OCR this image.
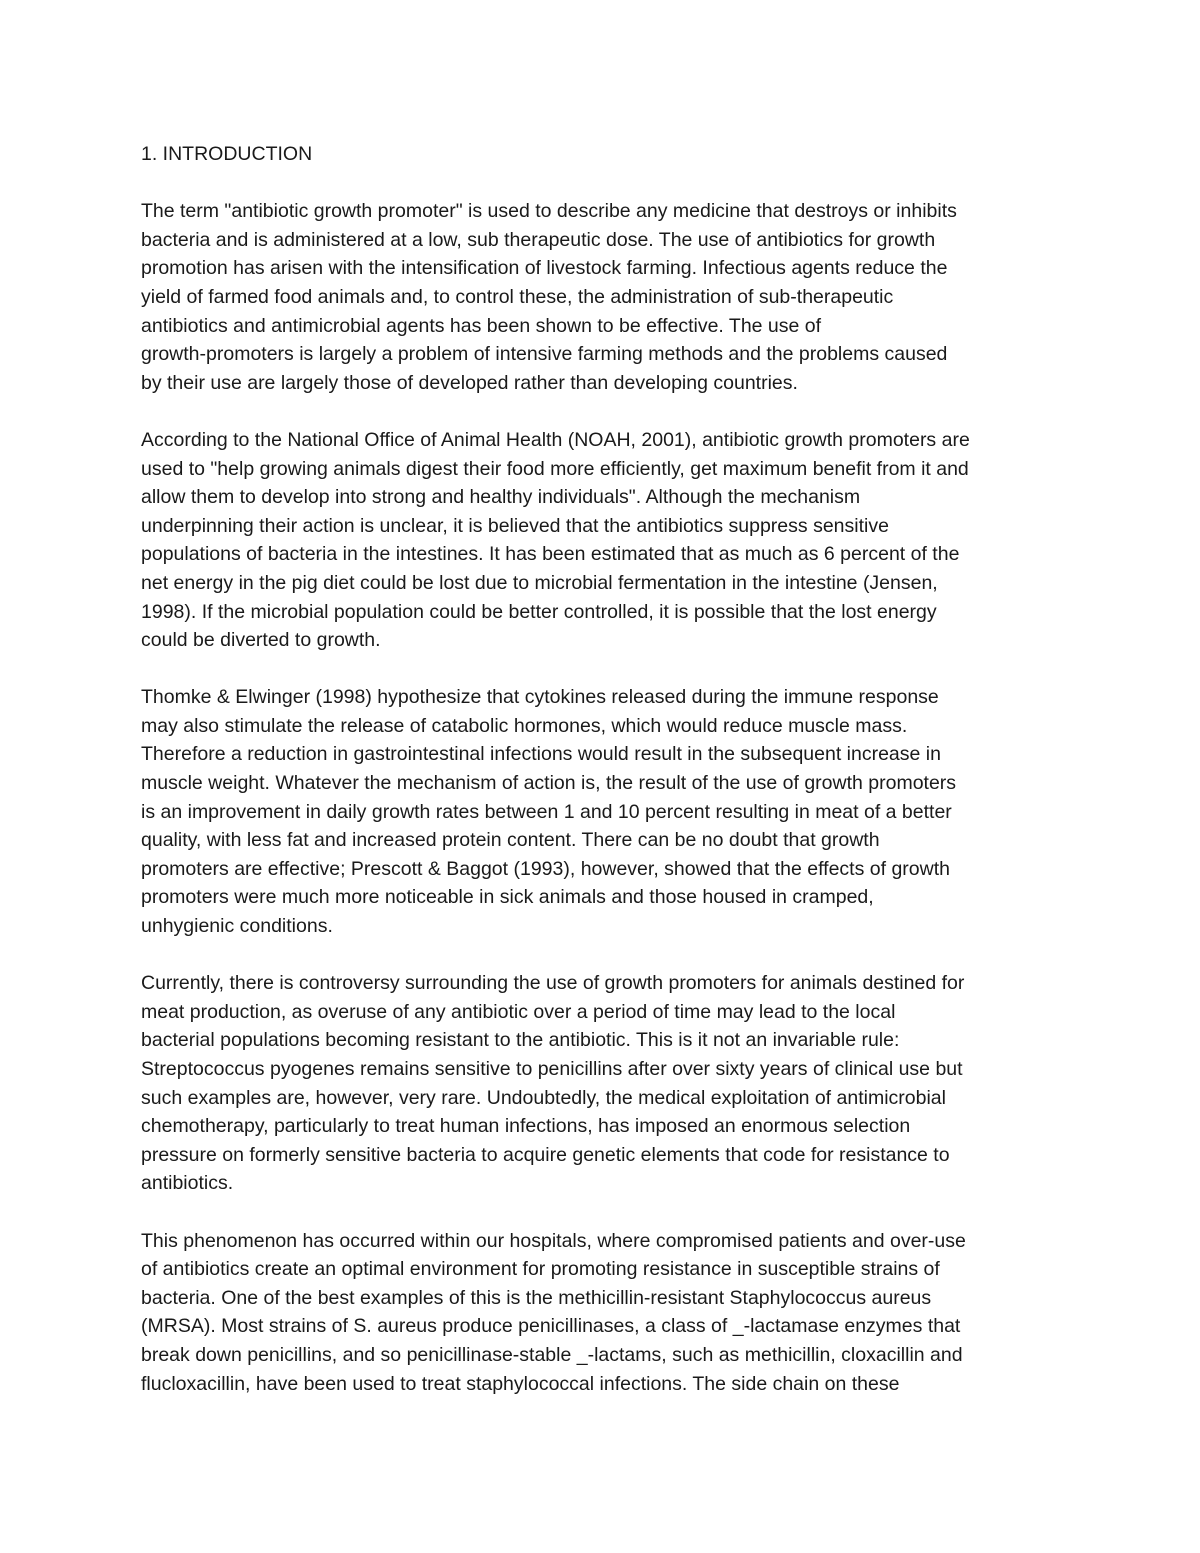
1. INTRODUCTION

The term "antibiotic growth promoter" is used to describe any medicine that destroys or inhibits
bacteria and is administered at a low, sub therapeutic dose. The use of antibiotics for growth
promotion has arisen with the intensification of livestock farming. Infectious agents reduce the
yield of farmed food animals and, to control these, the administration of sub-therapeutic
antibiotics and antimicrobial agents has been shown to be effective. The use of
growth-promoters is largely a problem of intensive farming methods and the problems caused
by their use are largely those of developed rather than developing countries.

According to the National Office of Animal Health (NOAH, 2001), antibiotic growth promoters are
used to "help growing animals digest their food more efficiently, get maximum benefit from it and
allow them to develop into strong and healthy individuals". Although the mechanism
underpinning their action is unclear, it is believed that the antibiotics suppress sensitive
populations of bacteria in the intestines. It has been estimated that as much as 6 percent of the
net energy in the pig diet could be lost due to microbial fermentation in the intestine (Jensen,
1998). If the microbial population could be better controlled, it is possible that the lost energy
could be diverted to growth.

Thomke & Elwinger (1998) hypothesize that cytokines released during the immune response
may also stimulate the release of catabolic hormones, which would reduce muscle mass.
Therefore a reduction in gastrointestinal infections would result in the subsequent increase in
muscle weight. Whatever the mechanism of action is, the result of the use of growth promoters
is an improvement in daily growth rates between 1 and 10 percent resulting in meat of a better
quality, with less fat and increased protein content. There can be no doubt that growth
promoters are effective; Prescott & Baggot (1993), however, showed that the effects of growth
promoters were much more noticeable in sick animals and those housed in cramped,
unhygienic conditions.

Currently, there is controversy surrounding the use of growth promoters for animals destined for
meat production, as overuse of any antibiotic over a period of time may lead to the local
bacterial populations becoming resistant to the antibiotic. This is it not an invariable rule:
Streptococcus pyogenes remains sensitive to penicillins after over sixty years of clinical use but
such examples are, however, very rare. Undoubtedly, the medical exploitation of antimicrobial
chemotherapy, particularly to treat human infections, has imposed an enormous selection
pressure on formerly sensitive bacteria to acquire genetic elements that code for resistance to
antibiotics.

This phenomenon has occurred within our hospitals, where compromised patients and over-use
of antibiotics create an optimal environment for promoting resistance in susceptible strains of
bacteria. One of the best examples of this is the methicillin-resistant Staphylococcus aureus
(MRSA). Most strains of S. aureus produce penicillinases, a class of _-lactamase enzymes that
break down penicillins, and so penicillinase-stable _-lactams, such as methicillin, cloxacillin and
flucloxacillin, have been used to treat staphylococcal infections. The side chain on these
